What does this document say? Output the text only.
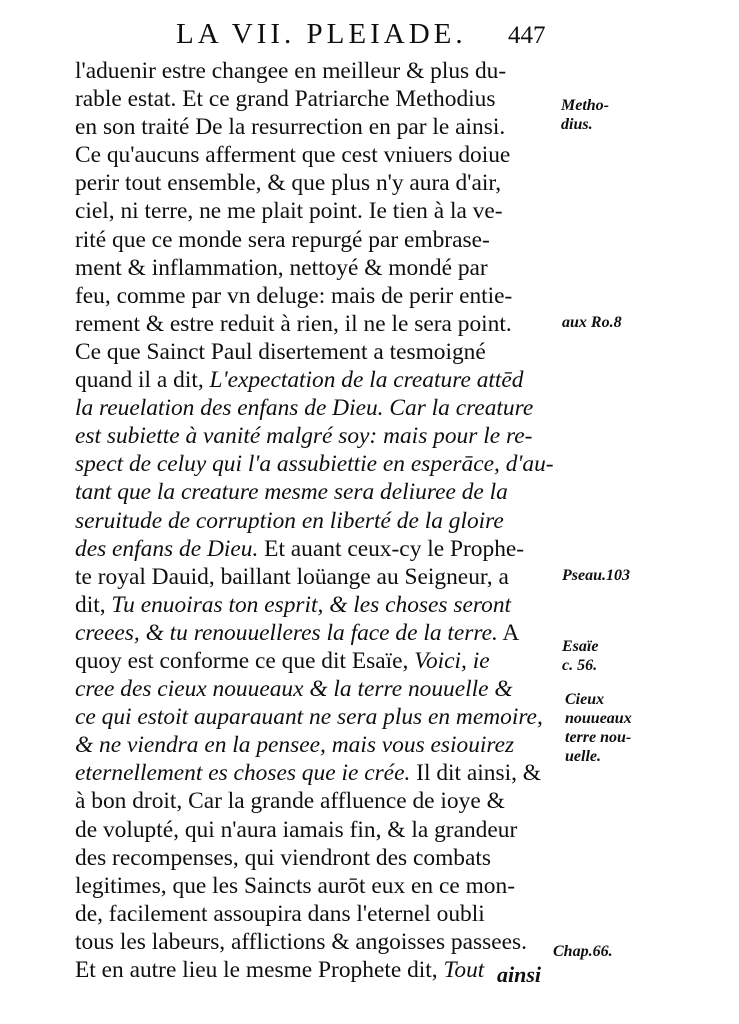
LA VII. PLEIADE. 447
l'aduenir estre changee en meilleur & plus du-
rable estat. Et ce grand Patriarche Methodius
en son traité De la resurrection en par le ainsi.
Ce qu'aucuns afferment que cest vniuers doiue
perir tout ensemble, & que plus n'y aura d'air,
ciel, ni terre, ne me plait point. Ie tien à la ve-
rité que ce monde sera repurgé par embrase-
ment & inflammation, nettoyé & mondé par
feu, comme par vn deluge: mais de perir entie-
rement & estre reduit à rien, il ne le sera point.
Ce que Sainct Paul disertement a tesmoigné
quand il a dit, L'expectation de la creature attēd
la reuelation des enfans de Dieu. Car la creature
est subiette à vanité malgré soy: mais pour le re-
spect de celuy qui l'a assubiettie en esperāce, d'au-
tant que la creature mesme sera deliuree de la
seruitude de corruption en liberté de la gloire
des enfans de Dieu. Et auant ceux-cy le Prophe-
te royal Dauid, baillant loüange au Seigneur, a
dit, Tu enuoiras ton esprit, & les choses seront
creees, & tu renouuelleres la face de la terre. A
quoy est conforme ce que dit Esaïe, Voici, ie
cree des cieux nouueaux & la terre nouuelle &
ce qui estoit auparauant ne sera plus en memoire,
& ne viendra en la pensee, mais vous esiouirez
eternellement es choses que ie crée. Il dit ainsi, &
à bon droit, Car la grande affluence de ioye &
de volupté, qui n'aura iamais fin, & la grandeur
des recompenses, qui viendront des combats
legitimes, que les Saincts aurōt eux en ce mon-
de, facilement assoupira dans l'eternel oubli
tous les labeurs, afflictions & angoisses passees.
Et en autre lieu le mesme Prophete dit, Tout
Metho-
dius.
aux Ro.8
Pseau.103
Esaïe
c. 56.
Cieux
nouueaux
terre nou-
uelle.
Chap.66.
ainsi
